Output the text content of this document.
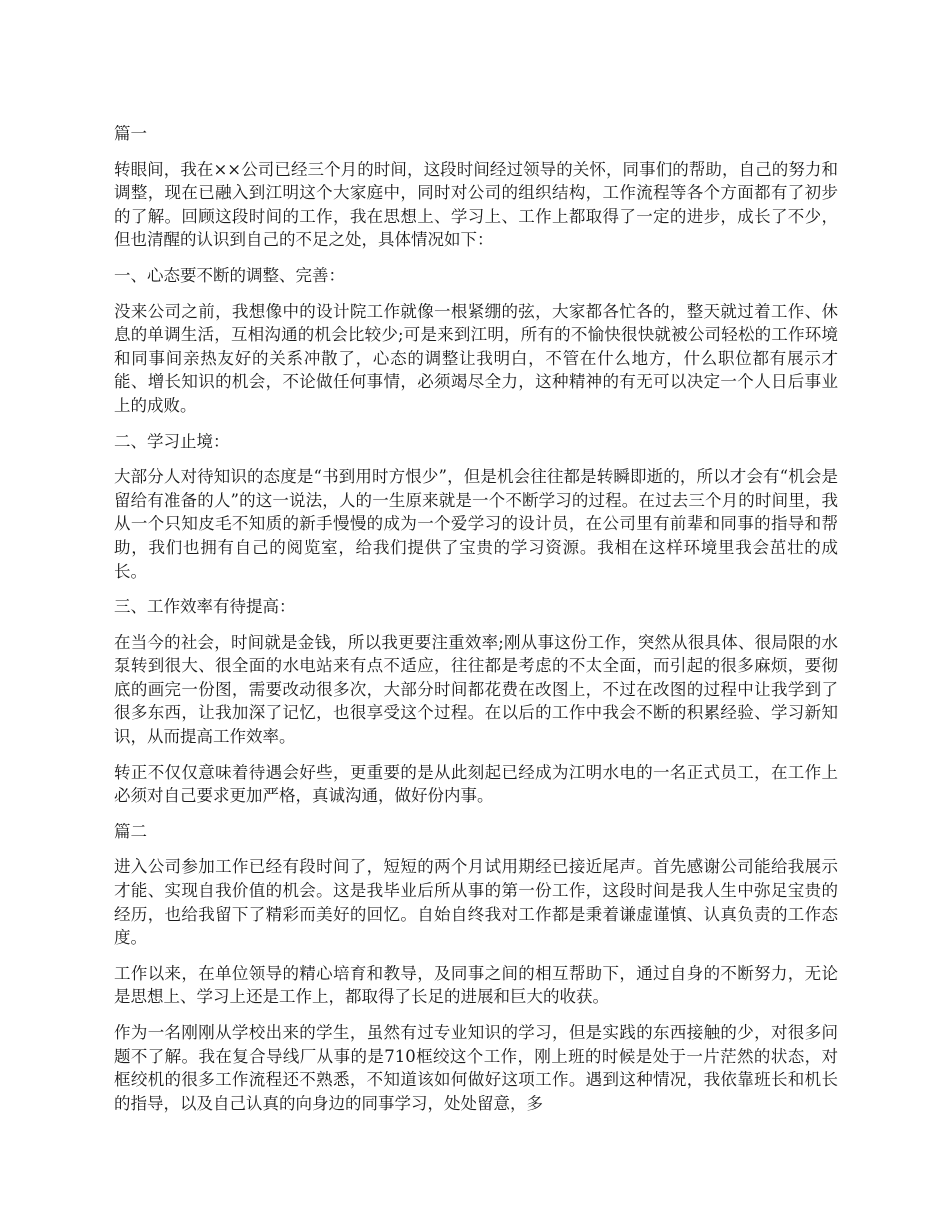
篇一

转眼间，我在××公司已经三个月的时间，这段时间经过领导的关怀，同事们的帮助，自己的努力和调整，现在已融入到江明这个大家庭中，同时对公司的组织结构，工作流程等各个方面都有了初步的了解。回顾这段时间的工作，我在思想上、学习上、工作上都取得了一定的进步，成长了不少，但也清醒的认识到自己的不足之处，具体情况如下：

一、心态要不断的调整、完善：

没来公司之前，我想像中的设计院工作就像一根紧绷的弦，大家都各忙各的，整天就过着工作、休息的单调生活，互相沟通的机会比较少;可是来到江明，所有的不愉快很快就被公司轻松的工作环境和同事间亲热友好的关系冲散了，心态的调整让我明白，不管在什么地方，什么职位都有展示才能、增长知识的机会，不论做任何事情，必须竭尽全力，这种精神的有无可以决定一个人日后事业上的成败。

二、学习止境：

大部分人对待知识的态度是“书到用时方恨少”，但是机会往往都是转瞬即逝的，所以才会有“机会是留给有准备的人”的这一说法，人的一生原来就是一个不断学习的过程。在过去三个月的时间里，我从一个只知皮毛不知质的新手慢慢的成为一个爱学习的设计员，在公司里有前辈和同事的指导和帮助，我们也拥有自己的阅览室，给我们提供了宝贵的学习资源。我相在这样环境里我会茁壮的成长。

三、工作效率有待提高：

在当今的社会，时间就是金钱，所以我更要注重效率;刚从事这份工作，突然从很具体、很局限的水泵转到很大、很全面的水电站来有点不适应，往往都是考虑的不太全面，而引起的很多麻烦，要彻底的画完一份图，需要改动很多次，大部分时间都花费在改图上，不过在改图的过程中让我学到了很多东西，让我加深了记忆，也很享受这个过程。在以后的工作中我会不断的积累经验、学习新知识，从而提高工作效率。

转正不仅仅意味着待遇会好些，更重要的是从此刻起已经成为江明水电的一名正式员工，在工作上必须对自己要求更加严格，真诚沟通，做好份内事。

篇二

进入公司参加工作已经有段时间了，短短的两个月试用期经已接近尾声。首先感谢公司能给我展示才能、实现自我价值的机会。这是我毕业后所从事的第一份工作，这段时间是我人生中弥足宝贵的经历，也给我留下了精彩而美好的回忆。自始自终我对工作都是秉着谦虚谨慎、认真负责的工作态度。

工作以来，在单位领导的精心培育和教导，及同事之间的相互帮助下，通过自身的不断努力，无论是思想上、学习上还是工作上，都取得了长足的进展和巨大的收获。

作为一名刚刚从学校出来的学生，虽然有过专业知识的学习，但是实践的东西接触的少，对很多问题不了解。我在复合导线厂从事的是710框绞这个工作，刚上班的时候是处于一片茫然的状态，对框绞机的很多工作流程还不熟悉，不知道该如何做好这项工作。遇到这种情况，我依靠班长和机长的指导，以及自己认真的向身边的同事学习，处处留意，多
